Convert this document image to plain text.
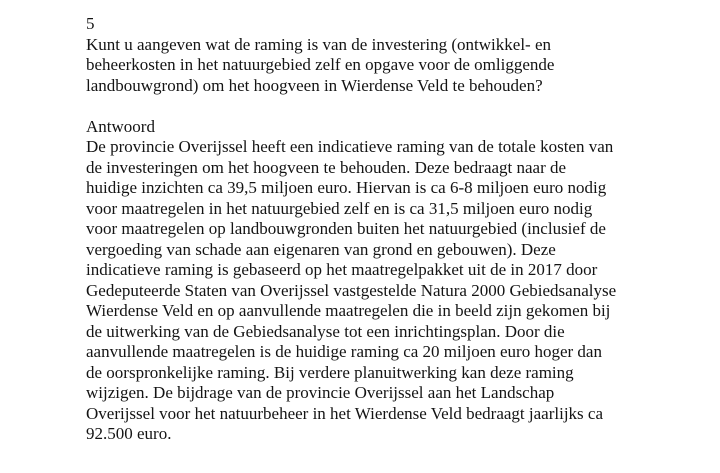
5
Kunt u aangeven wat de raming is van de investering (ontwikkel- en
beheerkosten in het natuurgebied zelf en opgave voor de omliggende
landbouwgrond) om het hoogveen in Wierdense Veld te behouden?
Antwoord
De provincie Overijssel heeft een indicatieve raming van de totale kosten van
de investeringen om het hoogveen te behouden. Deze bedraagt naar de
huidige inzichten ca 39,5 miljoen euro. Hiervan is ca 6-8 miljoen euro nodig
voor maatregelen in het natuurgebied zelf en is ca 31,5 miljoen euro nodig
voor maatregelen op landbouwgronden buiten het natuurgebied (inclusief de
vergoeding van schade aan eigenaren van grond en gebouwen). Deze
indicatieve raming is gebaseerd op het maatregelpakket uit de in 2017 door
Gedeputeerde Staten van Overijssel vastgestelde Natura 2000 Gebiedsanalyse
Wierdense Veld en op aanvullende maatregelen die in beeld zijn gekomen bij
de uitwerking van de Gebiedsanalyse tot een inrichtingsplan. Door die
aanvullende maatregelen is de huidige raming ca 20 miljoen euro hoger dan
de oorspronkelijke raming. Bij verdere planuitwerking kan deze raming
wijzigen. De bijdrage van de provincie Overijssel aan het Landschap
Overijssel voor het natuurbeheer in het Wierdense Veld bedraagt jaarlijks ca
92.500 euro.
